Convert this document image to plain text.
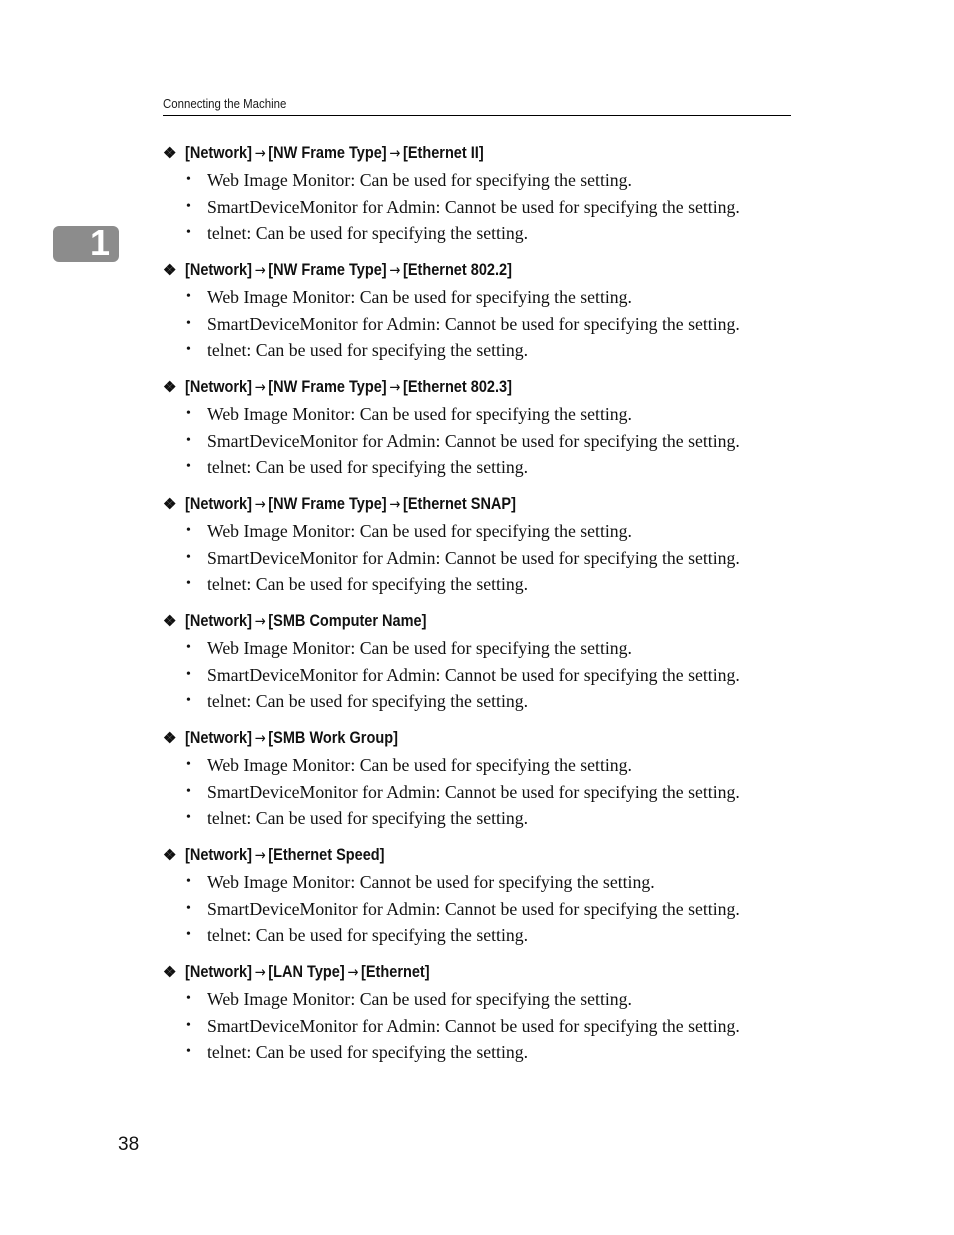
Connecting the Machine
1
❖ [Network] → [NW Frame Type] → [Ethernet II]
• Web Image Monitor: Can be used for specifying the setting.
• SmartDeviceMonitor for Admin: Cannot be used for specifying the setting.
• telnet: Can be used for specifying the setting.
❖ [Network] → [NW Frame Type] → [Ethernet 802.2]
• Web Image Monitor: Can be used for specifying the setting.
• SmartDeviceMonitor for Admin: Cannot be used for specifying the setting.
• telnet: Can be used for specifying the setting.
❖ [Network] → [NW Frame Type] → [Ethernet 802.3]
• Web Image Monitor: Can be used for specifying the setting.
• SmartDeviceMonitor for Admin: Cannot be used for specifying the setting.
• telnet: Can be used for specifying the setting.
❖ [Network] → [NW Frame Type] → [Ethernet SNAP]
• Web Image Monitor: Can be used for specifying the setting.
• SmartDeviceMonitor for Admin: Cannot be used for specifying the setting.
• telnet: Can be used for specifying the setting.
❖ [Network] → [SMB Computer Name]
• Web Image Monitor: Can be used for specifying the setting.
• SmartDeviceMonitor for Admin: Cannot be used for specifying the setting.
• telnet: Can be used for specifying the setting.
❖ [Network] → [SMB Work Group]
• Web Image Monitor: Can be used for specifying the setting.
• SmartDeviceMonitor for Admin: Cannot be used for specifying the setting.
• telnet: Can be used for specifying the setting.
❖ [Network] → [Ethernet Speed]
• Web Image Monitor: Cannot be used for specifying the setting.
• SmartDeviceMonitor for Admin: Cannot be used for specifying the setting.
• telnet: Can be used for specifying the setting.
❖ [Network] → [LAN Type] → [Ethernet]
• Web Image Monitor: Can be used for specifying the setting.
• SmartDeviceMonitor for Admin: Cannot be used for specifying the setting.
• telnet: Can be used for specifying the setting.
38
